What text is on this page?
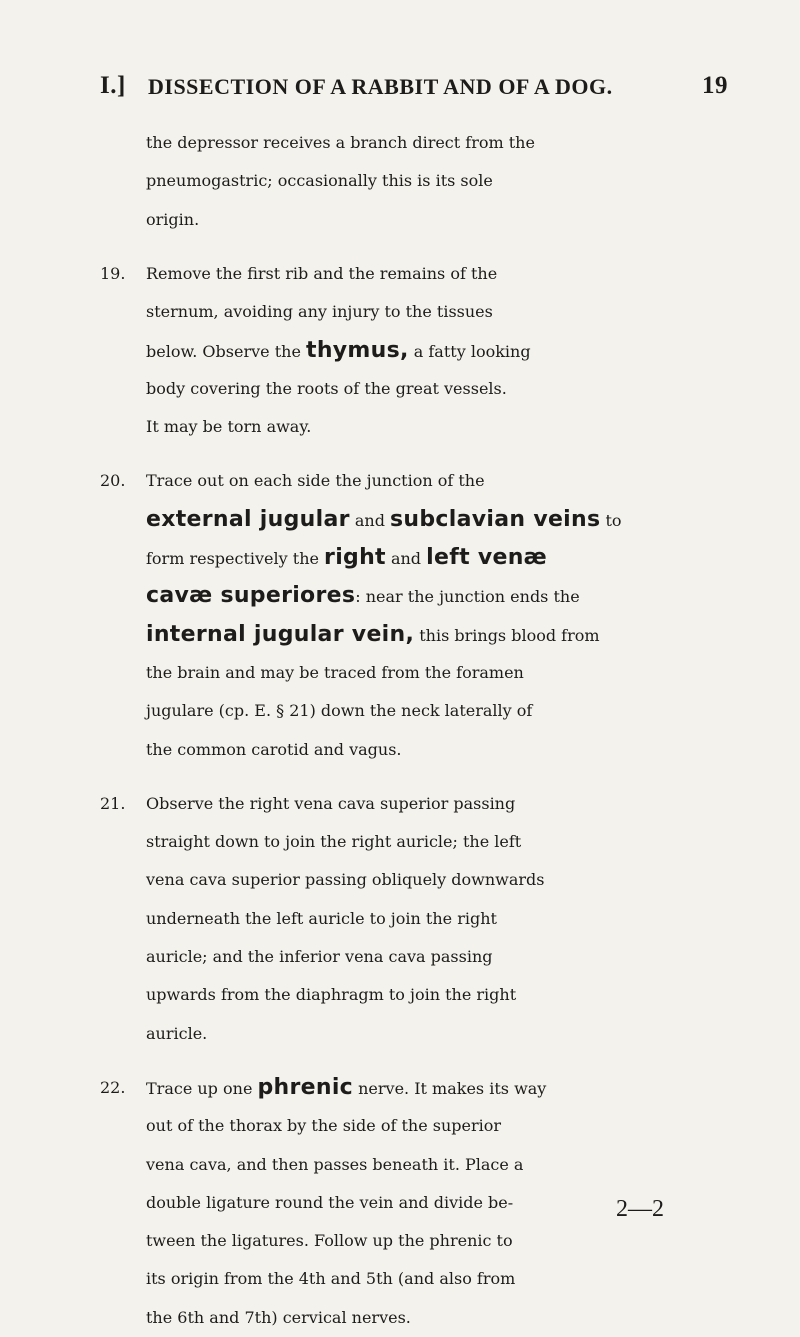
I.] DISSECTION OF A RABBIT AND OF A DOG.	19
the depressor receives a branch direct from the
pneumogastric; occasionally this is its sole
origin.
19. Remove the first rib and the remains of the
sternum, avoiding any injury to the tissues
below. Observe the thymus, a fatty looking
body covering the roots of the great vessels.
It may be torn away.
20. Trace out on each side the junction of the
external jugular and subclavian veins to
form respectively the right and left venæ
cavæ superiores: near the junction ends the
internal jugular vein, this brings blood from
the brain and may be traced from the foramen
jugulare (cp. E. § 21) down the neck laterally of
the common carotid and vagus.
21. Observe the right vena cava superior passing
straight down to join the right auricle; the left
vena cava superior passing obliquely downwards
underneath the left auricle to join the right
auricle; and the inferior vena cava passing
upwards from the diaphragm to join the right
auricle.
22. Trace up one phrenic nerve. It makes its way
out of the thorax by the side of the superior
vena cava, and then passes beneath it. Place a
double ligature round the vein and divide be-
tween the ligatures. Follow up the phrenic to
its origin from the 4th and 5th (and also from
the 6th and 7th) cervical nerves.
2—2
